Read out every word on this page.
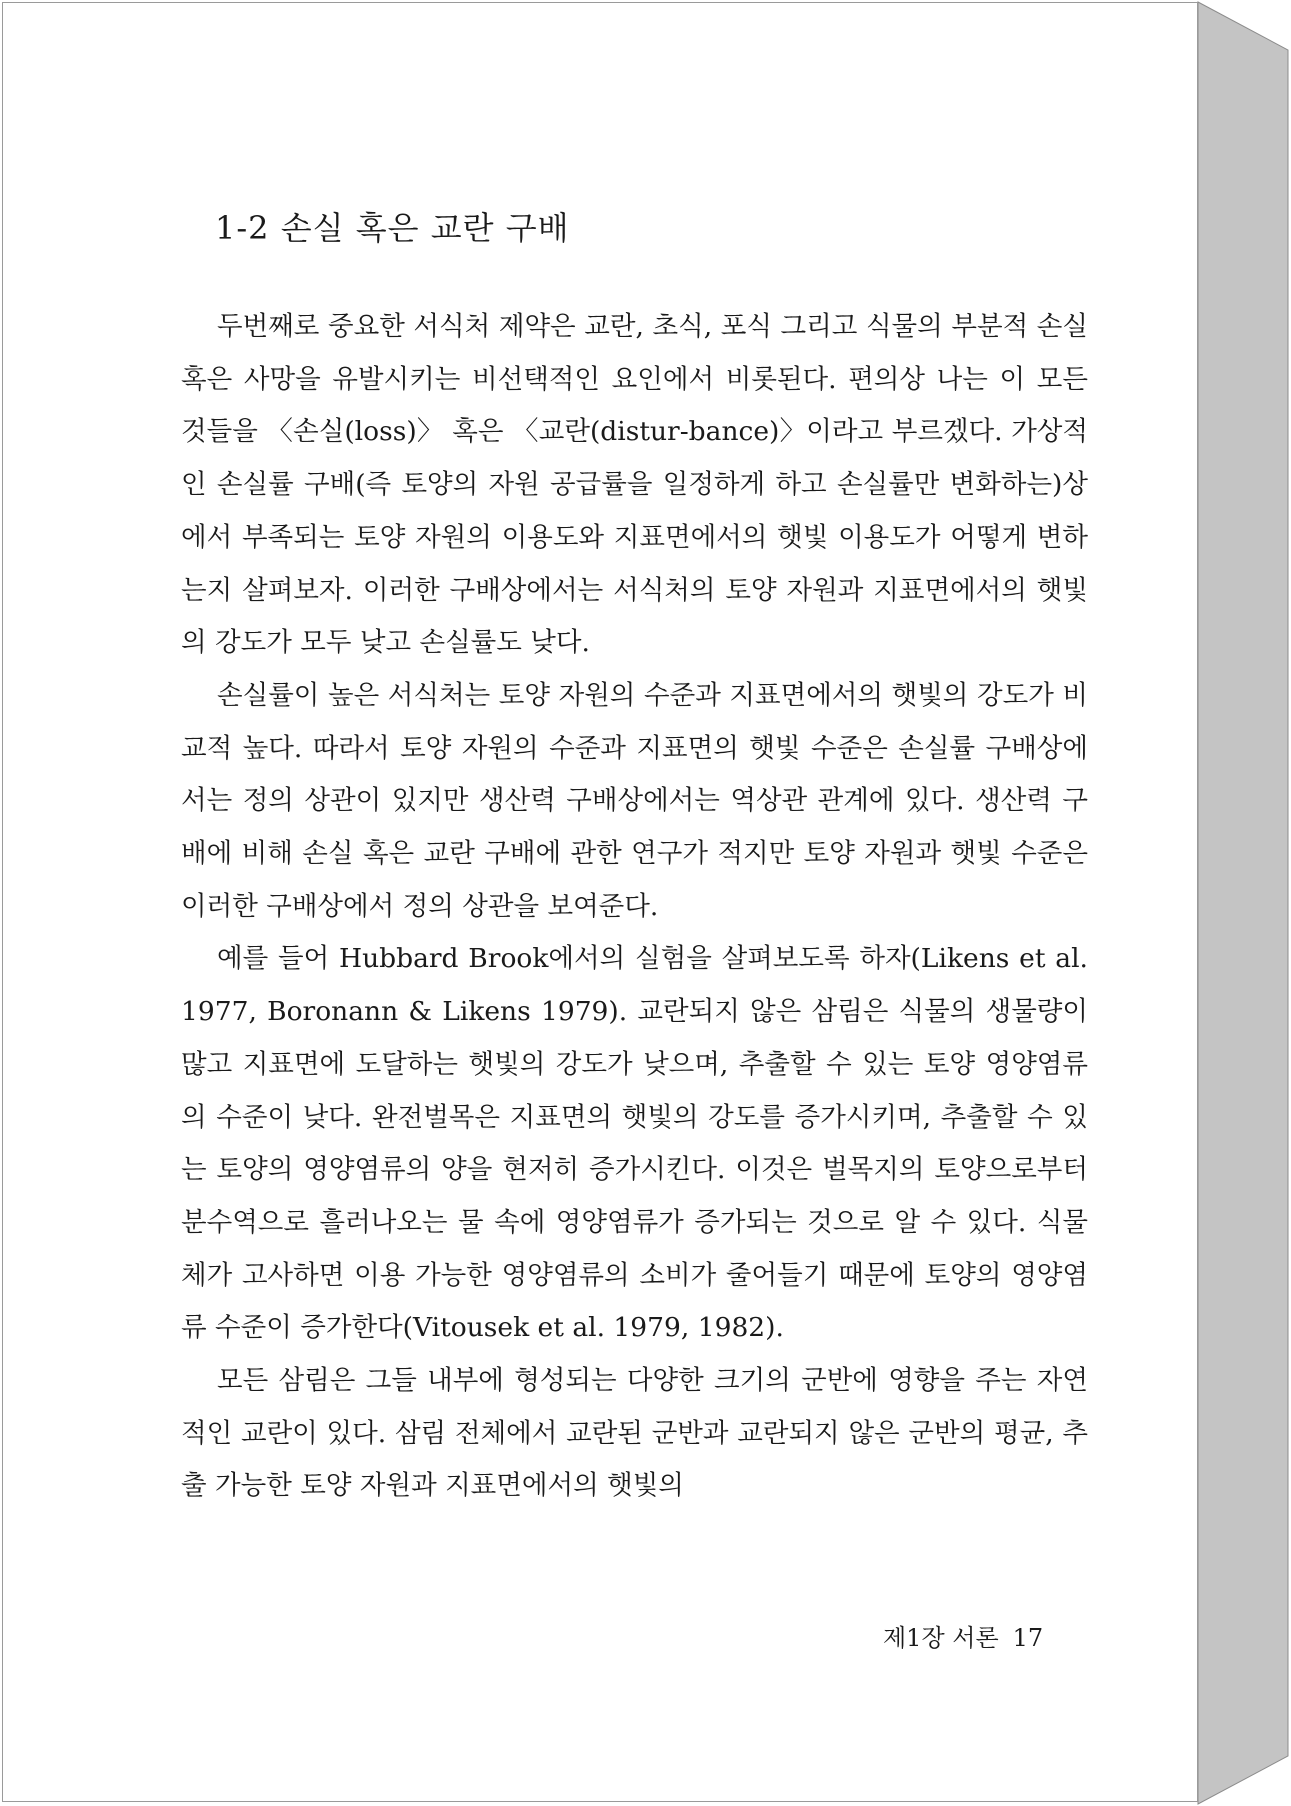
1-2 손실 혹은 교란 구배

두번째로 중요한 서식처 제약은 교란, 초식, 포식 그리고 식물의 부분적 손실 혹은 사망을 유발시키는 비선택적인 요인에서 비롯된다. 편의상 나는 이 모든 것들을 〈손실(loss)〉 혹은 〈교란(distur-bance)〉이라고 부르겠다. 가상적인 손실률 구배(즉 토양의 자원 공급률을 일정하게 하고 손실률만 변화하는)상에서 부족되는 토양 자원의 이용도와 지표면에서의 햇빛 이용도가 어떻게 변하는지 살펴보자. 이러한 구배상에서는 서식처의 토양 자원과 지표면에서의 햇빛의 강도가 모두 낮고 손실률도 낮다.

손실률이 높은 서식처는 토양 자원의 수준과 지표면에서의 햇빛의 강도가 비교적 높다. 따라서 토양 자원의 수준과 지표면의 햇빛 수준은 손실률 구배상에서는 정의 상관이 있지만 생산력 구배상에서는 역상관 관계에 있다. 생산력 구배에 비해 손실 혹은 교란 구배에 관한 연구가 적지만 토양 자원과 햇빛 수준은 이러한 구배상에서 정의 상관을 보여준다.

예를 들어 Hubbard Brook에서의 실험을 살펴보도록 하자(Likens et al. 1977, Boronann & Likens 1979). 교란되지 않은 삼림은 식물의 생물량이 많고 지표면에 도달하는 햇빛의 강도가 낮으며, 추출할 수 있는 토양 영양염류의 수준이 낮다. 완전벌목은 지표면의 햇빛의 강도를 증가시키며, 추출할 수 있는 토양의 영양염류의 양을 현저히 증가시킨다. 이것은 벌목지의 토양으로부터 분수역으로 흘러나오는 물 속에 영양염류가 증가되는 것으로 알 수 있다. 식물체가 고사하면 이용 가능한 영양염류의 소비가 줄어들기 때문에 토양의 영양염류 수준이 증가한다(Vitousek et al. 1979, 1982).

모든 삼림은 그들 내부에 형성되는 다양한 크기의 군반에 영향을 주는 자연적인 교란이 있다. 삼림 전체에서 교란된 군반과 교란되지 않은 군반의 평균, 추출 가능한 토양 자원과 지표면에서의 햇빛의

제1장 서론 17
